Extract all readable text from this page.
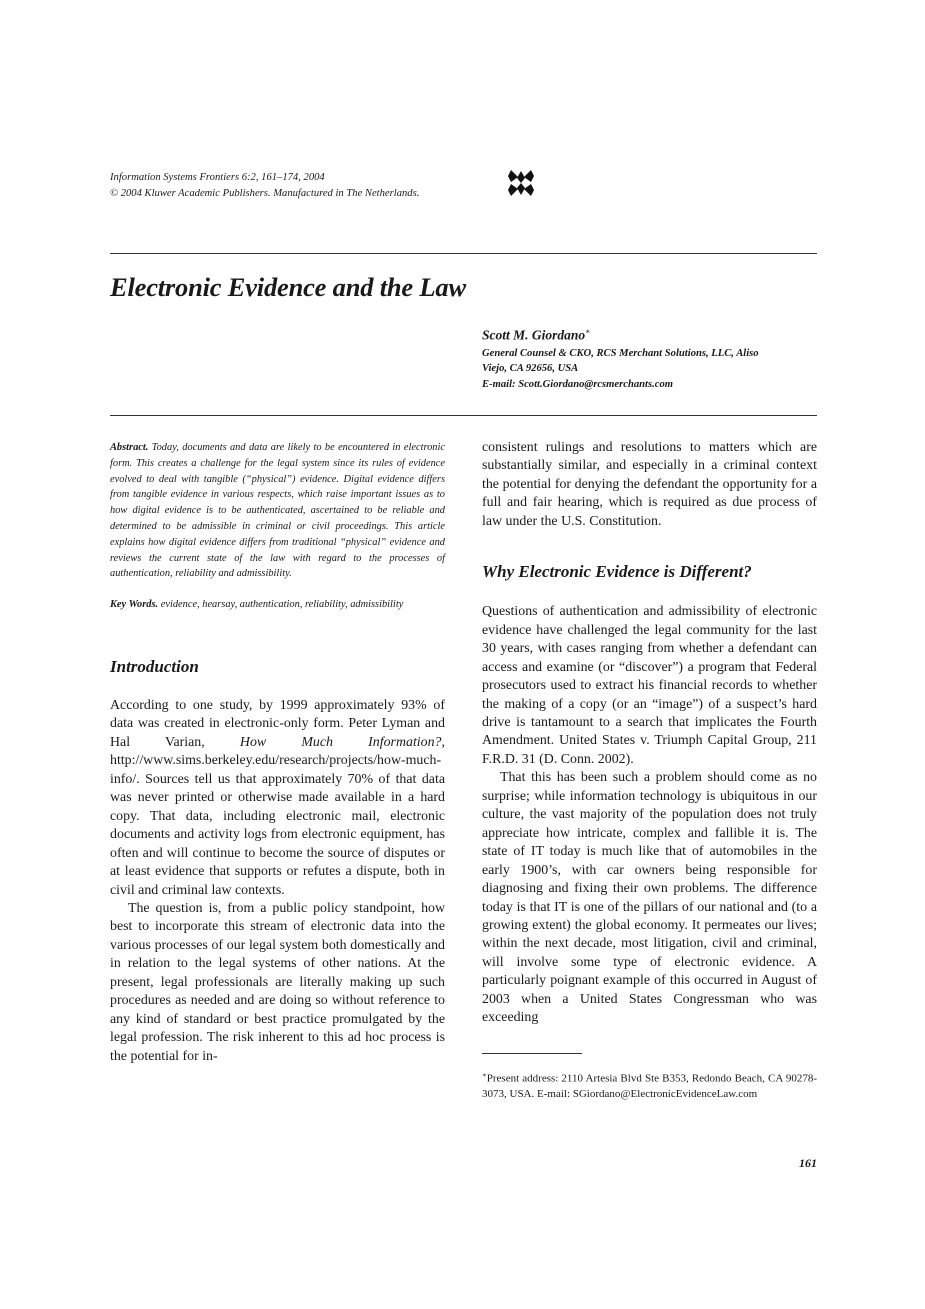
Information Systems Frontiers 6:2, 161–174, 2004
© 2004 Kluwer Academic Publishers. Manufactured in The Netherlands.
Electronic Evidence and the Law
Scott M. Giordano∗
General Counsel & CKO, RCS Merchant Solutions, LLC, Aliso
Viejo, CA 92656, USA
E-mail: Scott.Giordano@rcsmerchants.com

Abstract. Today, documents and data are likely to be encountered in electronic form. This creates a challenge for the legal system since its rules of evidence evolved to deal with tangible (“physical”) evidence. Digital evidence differs from tangible evidence in various respects, which raise important issues as to how digital evidence is to be authenticated, ascertained to be reliable and determined to be admissible in criminal or civil proceedings. This article explains how digital evidence differs from traditional “physical” evidence and reviews the current state of the law with regard to the processes of authentication, reliability and admissibility.

Key Words. evidence, hearsay, authentication, reliability, admissibility

Introduction

According to one study, by 1999 approximately 93% of data was created in electronic-only form. Peter Lyman and Hal Varian, How Much Information?, http://www.sims.berkeley.edu/research/projects/how-much-info/. Sources tell us that approximately 70% of that data was never printed or otherwise made available in a hard copy. That data, including electronic mail, electronic documents and activity logs from electronic equipment, has often and will continue to become the source of disputes or at least evidence that supports or refutes a dispute, both in civil and criminal law contexts.

The question is, from a public policy standpoint, how best to incorporate this stream of electronic data into the various processes of our legal system both domestically and in relation to the legal systems of other nations. At the present, legal professionals are literally making up such procedures as needed and are doing so without reference to any kind of standard or best practice promulgated by the legal profession. The risk inherent to this ad hoc process is the potential for in-

consistent rulings and resolutions to matters which are substantially similar, and especially in a criminal context the potential for denying the defendant the opportunity for a full and fair hearing, which is required as due process of law under the U.S. Constitution.

Why Electronic Evidence is Different?

Questions of authentication and admissibility of electronic evidence have challenged the legal community for the last 30 years, with cases ranging from whether a defendant can access and examine (or “discover”) a program that Federal prosecutors used to extract his financial records to whether the making of a copy (or an “image”) of a suspect’s hard drive is tantamount to a search that implicates the Fourth Amendment. United States v. Triumph Capital Group, 211 F.R.D. 31 (D. Conn. 2002).

That this has been such a problem should come as no surprise; while information technology is ubiquitous in our culture, the vast majority of the population does not truly appreciate how intricate, complex and fallible it is. The state of IT today is much like that of automobiles in the early 1900’s, with car owners being responsible for diagnosing and fixing their own problems. The difference today is that IT is one of the pillars of our national and (to a growing extent) the global economy. It permeates our lives; within the next decade, most litigation, civil and criminal, will involve some type of electronic evidence. A particularly poignant example of this occurred in August of 2003 when a United States Congressman who was exceeding

∗Present address: 2110 Artesia Blvd Ste B353, Redondo Beach, CA 90278-3073, USA. E-mail: SGiordano@ElectronicEvidenceLaw.com

161
